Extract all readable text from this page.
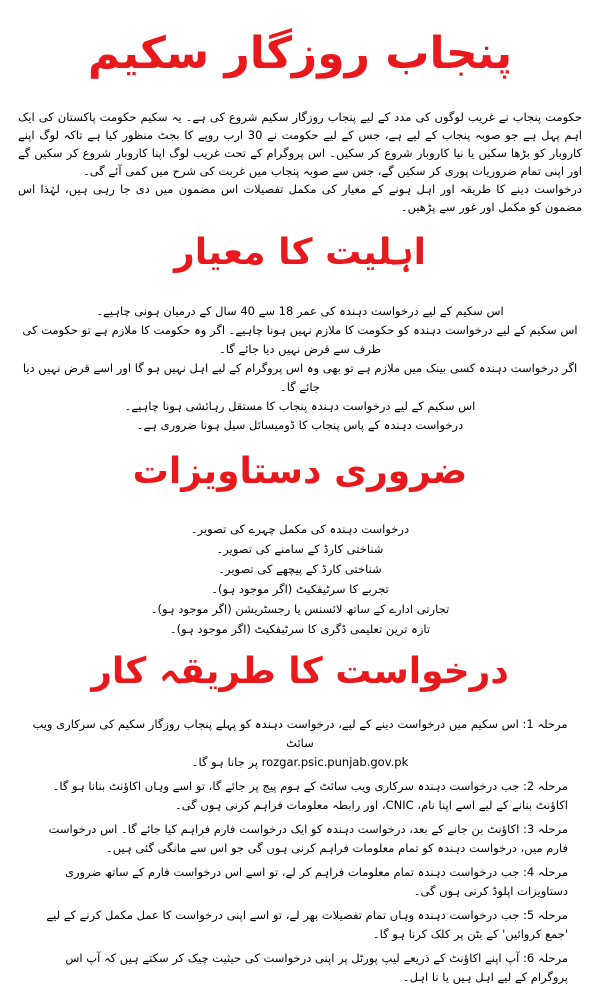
پنجاب روزگار سکیم

حکومت پنجاب نے غریب لوگوں کی مدد کے لیے پنجاب روزگار سکیم شروع کی ہے۔ یہ سکیم حکومت پاکستان کی ایک اہم پہل ہے جو صوبہ پنجاب کے لیے ہے، جس کے لیے حکومت نے 30 ارب روپے کا بجٹ منظور کیا ہے تاکہ لوگ اپنے کاروبار کو بڑھا سکیں یا نیا کاروبار شروع کر سکیں۔ اس پروگرام کے تحت غریب لوگ اپنا کاروبار شروع کر سکیں گے اور اپنی تمام ضروریات پوری کر سکیں گے، جس سے صوبہ پنجاب میں غربت کی شرح میں کمی آئے گی۔

درخواست دینے کا طریقہ اور اہل ہونے کے معیار کی مکمل تفصیلات اس مضمون میں دی جا رہی ہیں، لہٰذا اس مضمون کو مکمل اور غور سے پڑھیں۔

اہلیت کا معیار
اس سکیم کے لیے درخواست دہندہ کی عمر 18 سے 40 سال کے درمیان ہونی چاہیے۔
اس سکیم کے لیے درخواست دہندہ کو حکومت کا ملازم نہیں ہونا چاہیے۔ اگر وہ حکومت کا ملازم ہے تو حکومت کی طرف سے قرض نہیں دیا جائے گا۔
اگر درخواست دہندہ کسی بینک میں ملازم ہے تو بھی وہ اس پروگرام کے لیے اہل نہیں ہو گا اور اسے قرض نہیں دیا جائے گا۔
اس سکیم کے لیے درخواست دہندہ پنجاب کا مستقل رہائشی ہونا چاہیے۔
درخواست دہندہ کے پاس پنجاب کا ڈومیسائل سیل ہونا ضروری ہے۔
ضروری دستاویزات
درخواست دہندہ کی مکمل چہرے کی تصویر۔
شناختی کارڈ کے سامنے کی تصویر۔
شناختی کارڈ کے پیچھے کی تصویر۔
تجربے کا سرٹیفکیٹ (اگر موجود ہو)۔
تجارتی ادارے کے ساتھ لائسنس یا رجسٹریشن (اگر موجود ہو)۔
تازہ ترین تعلیمی ڈگری کا سرٹیفکیٹ (اگر موجود ہو)۔
درخواست کا طریقہ کار
مرحلہ 1: اس سکیم میں درخواست دینے کے لیے، درخواست دہندہ کو پہلے پنجاب روزگار سکیم کی سرکاری ویب سائٹ
rozgar.psic.punjab.gov.pk پر جانا ہو گا۔
مرحلہ 2: جب درخواست دہندہ سرکاری ویب سائٹ کے ہوم پیج پر جائے گا، تو اسے وہاں اکاؤنٹ بنانا ہو گا۔ اکاؤنٹ بنانے کے لیے اسے اپنا نام، CNIC، اور رابطہ معلومات فراہم کرنی ہوں گی۔
مرحلہ 3: اکاؤنٹ بن جانے کے بعد، درخواست دہندہ کو ایک درخواست فارم فراہم کیا جائے گا۔ اس درخواست فارم میں، درخواست دہندہ کو تمام معلومات فراہم کرنی ہوں گی جو اس سے مانگی گئی ہیں۔
مرحلہ 4: جب درخواست دہندہ تمام معلومات فراہم کر لے، تو اسے اس درخواست فارم کے ساتھ ضروری دستاویزات اپلوڈ کرنی ہوں گی۔
مرحلہ 5: جب درخواست دہندہ وہاں تمام تفصیلات بھر لے، تو اسے اپنی درخواست کا عمل مکمل کرنے کے لیے 'جمع کروائیں' کے بٹن پر کلک کرنا ہو گا۔
مرحلہ 6: آپ اپنے اکاؤنٹ کے ذریعے لیپ پورٹل پر اپنی درخواست کی حیثیت چیک کر سکتے ہیں کہ آپ اس پروگرام کے لیے اہل ہیں یا نا اہل۔
